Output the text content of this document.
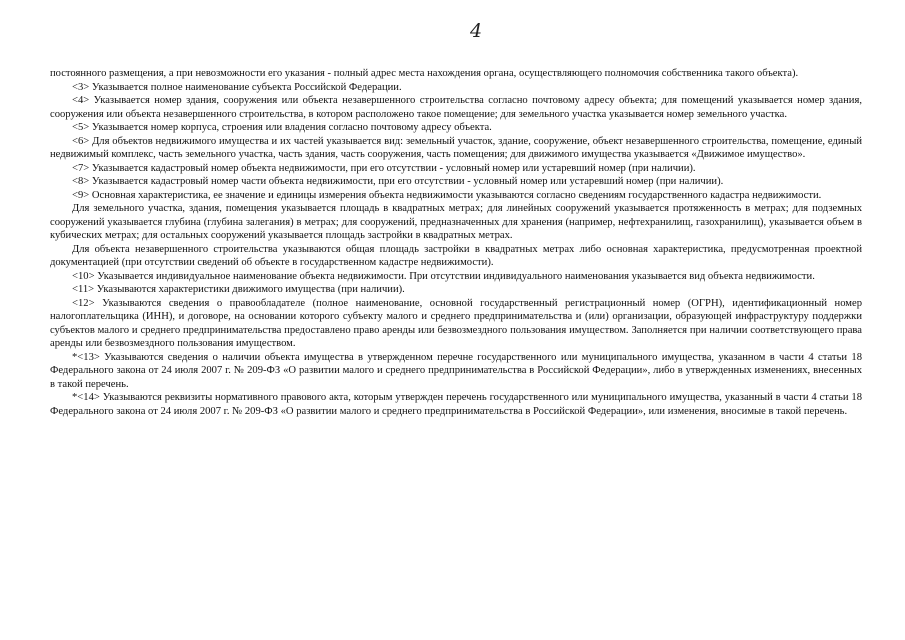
4

постоянного размещения, а при невозможности его указания - полный адрес места нахождения органа, осуществляющего полномочия собственника такого объекта).

<3> Указывается полное наименование субъекта Российской Федерации.

<4> Указывается номер здания, сооружения или объекта незавершенного строительства согласно почтовому адресу объекта; для помещений указывается номер здания, сооружения или объекта незавершенного строительства, в котором расположено такое помещение; для земельного участка указывается номер земельного участка.

<5> Указывается номер корпуса, строения или владения согласно почтовому адресу объекта.

<6> Для объектов недвижимого имущества и их частей указывается вид: земельный участок, здание, сооружение, объект незавершенного строительства, помещение, единый недвижимый комплекс, часть земельного участка, часть здания, часть сооружения, часть помещения; для движимого имущества указывается «Движимое имущество».

<7> Указывается кадастровый номер объекта недвижимости, при его отсутствии - условный номер или устаревший номер (при наличии).

<8> Указывается кадастровый номер части объекта недвижимости, при его отсутствии - условный номер или устаревший номер (при наличии).

<9> Основная характеристика, ее значение и единицы измерения объекта недвижимости указываются согласно сведениям государственного кадастра недвижимости.

Для земельного участка, здания, помещения указывается площадь в квадратных метрах; для линейных сооружений указывается протяженность в метрах; для подземных сооружений указывается глубина (глубина залегания) в метрах; для сооружений, предназначенных для хранения (например, нефтехранилищ, газохранилищ), указывается объем в кубических метрах; для остальных сооружений указывается площадь застройки в квадратных метрах.

Для объекта незавершенного строительства указываются общая площадь застройки в квадратных метрах либо основная характеристика, предусмотренная проектной документацией (при отсутствии сведений об объекте в государственном кадастре недвижимости).

<10> Указывается индивидуальное наименование объекта недвижимости. При отсутствии индивидуального наименования указывается вид объекта недвижимости.

<11> Указываются характеристики движимого имущества (при наличии).

<12> Указываются сведения о правообладателе (полное наименование, основной государственный регистрационный номер (ОГРН), идентификационный номер налогоплательщика (ИНН), и договоре, на основании которого субъекту малого и среднего предпринимательства и (или) организации, образующей инфраструктуру поддержки субъектов малого и среднего предпринимательства предоставлено право аренды или безвозмездного пользования имуществом. Заполняется при наличии соответствующего права аренды или безвозмездного пользования имуществом.

*<13> Указываются сведения о наличии объекта имущества в утвержденном перечне государственного или муниципального имущества, указанном в части 4 статьи 18 Федерального закона от 24 июля 2007 г. № 209-ФЗ «О развитии малого и среднего предпринимательства в Российской Федерации», либо в утвержденных изменениях, внесенных в такой перечень.

*<14> Указываются реквизиты нормативного правового акта, которым утвержден перечень государственного или муниципального имущества, указанный в части 4 статьи 18 Федерального закона от 24 июля 2007 г. № 209-ФЗ «О развитии малого и среднего предпринимательства в Российской Федерации», или изменения, вносимые в такой перечень.
